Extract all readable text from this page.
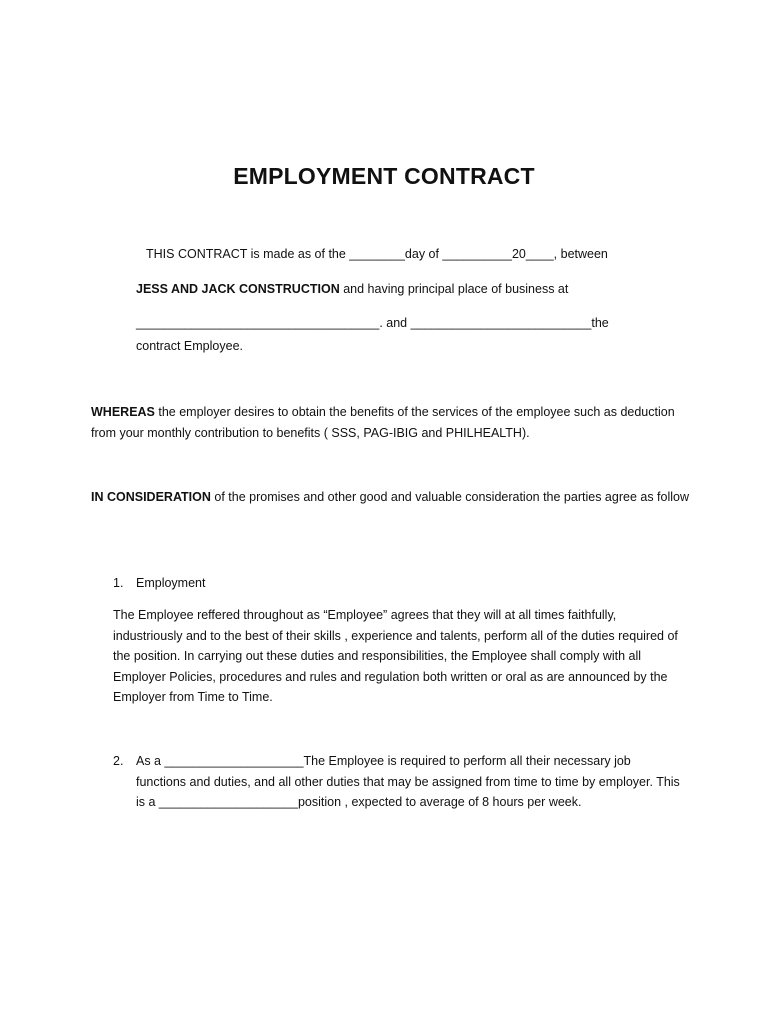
EMPLOYMENT CONTRACT
THIS CONTRACT is made as of the ________day of __________20____, between
JESS AND JACK CONSTRUCTION and having principal place of business at
___________________________________. and __________________________the
contract Employee.
WHEREAS the employer desires to obtain the benefits of the services of the employee such as deduction from your monthly contribution to benefits ( SSS, PAG-IBIG and PHILHEALTH).
IN CONSIDERATION of the promises and other good and valuable consideration the parties agree as follow
1. Employment
The Employee reffered throughout as “Employee” agrees that they will at all times faithfully, industriously and to the best of their skills , experience and talents, perform all of the duties required of the position. In carrying out these duties and responsibilities, the Employee shall comply with all Employer Policies, procedures and rules and regulation both written or oral as are announced by the Employer from Time to Time.
2. As a ____________________The Employee is required to perform all their necessary job functions and duties, and all other duties that may be assigned from time to time by employer. This is a ____________________position , expected to average of 8 hours per week.
